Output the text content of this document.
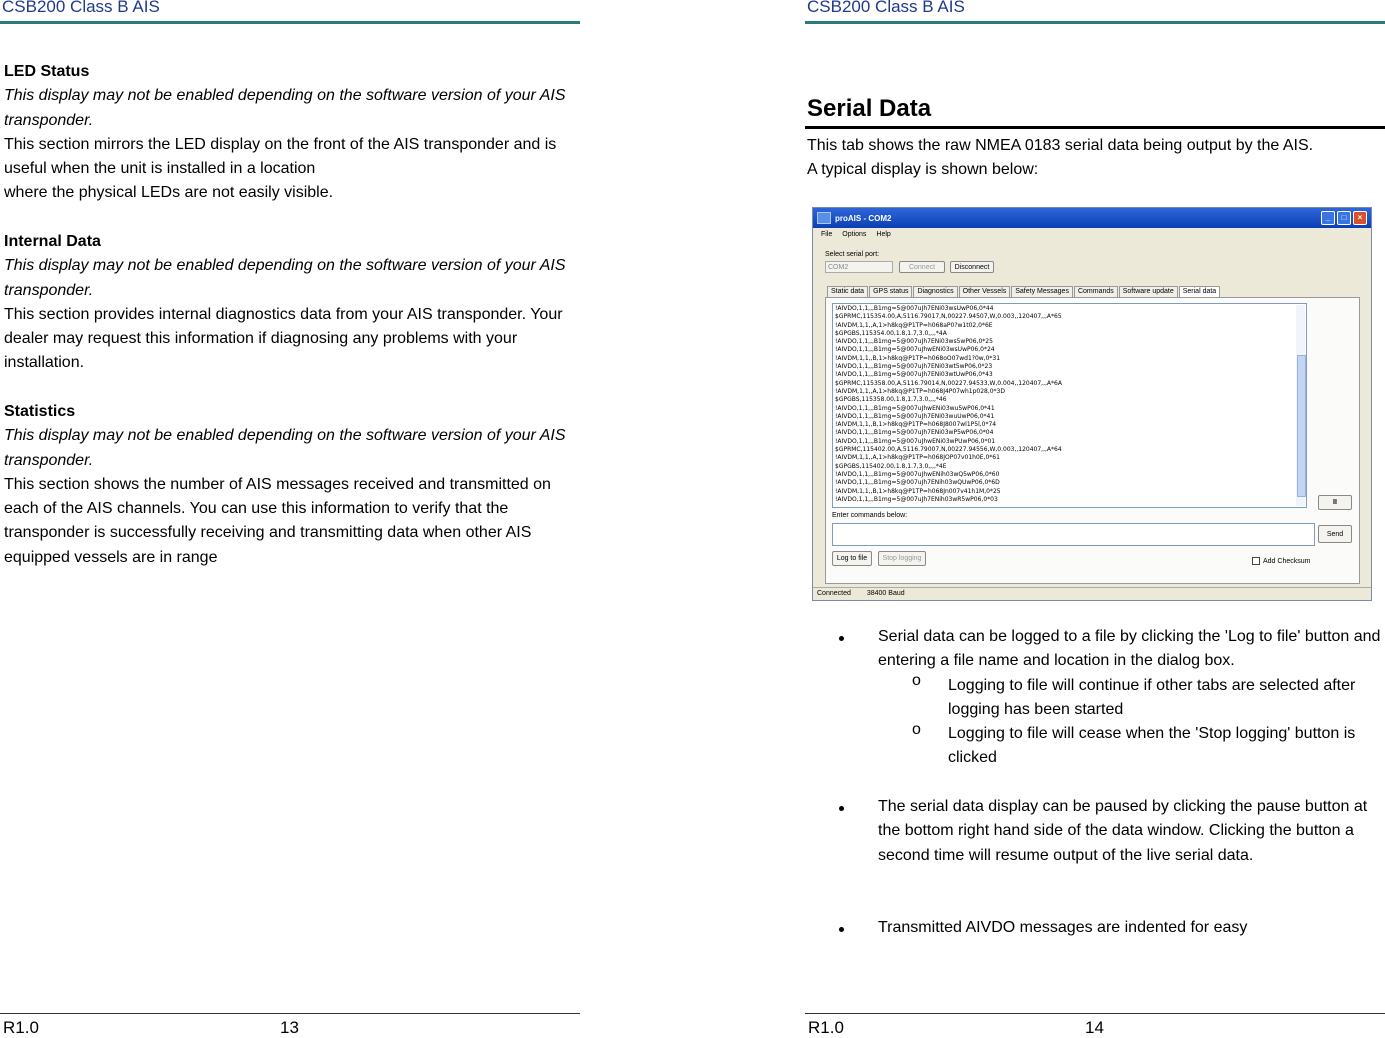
CSB200 Class B AIS

LED Status

This display may not be enabled depending on the software version of your AIS transponder.

This section mirrors the LED display on the front of the AIS transponder and is useful when the unit is installed in a location

where the physical LEDs are not easily visible.

Internal Data

This display may not be enabled depending on the software version of your AIS transponder.

This section provides internal diagnostics data from your AIS transponder. Your dealer may request this information if diagnosing any problems with your installation.

Statistics

This display may not be enabled depending on the software version of your AIS transponder.

This section shows the number of AIS messages received and transmitted on each of the AIS channels. You can use this information to verify that the transponder is successfully receiving and transmitting data when other AIS equipped vessels are in range

R1.0	13
CSB200 Class B AIS
Serial Data

This tab shows the raw NMEA 0183 serial data being output by the AIS.

A typical display is shown below:

proAIS - COM2	_	□	×
File Options Help
Select serial port:
COM2	Connect	Disconnect
Static data	GPS status	Diagnostics	Other Vessels	Safety Messages	Commands	Software update	Serial data
!AIVDO,1,1,,,B1mg=5@007uJh7ENi03wsUwP06,0*44
$GPRMC,115354.00,A,5116.79017,N,00227.94507,W,0.003,,120407,,,A*65
!AIVDM,1,1,,A,1>h8kq@P1TP=h068aP0?w1t02,0*6E
$GPGBS,115354.00,1.8,1.7,3.0,,,,*4A
!AIVDO,1,1,,,B1mg=5@007uJh7ENi03ws5wP06,0*25
!AIVDO,1,1,,,B1mg=5@007uJhwENi03wsUwP06,0*24
!AIVDM,1,1,,B,1>h8kq@P1TP=h068oO07wd1?0w,0*31
!AIVDO,1,1,,,B1mg=5@007uJh7ENi03wt5wP06,0*23
!AIVDO,1,1,,,B1mg=5@007uJh7ENi03wtUwP06,0*43
$GPRMC,115358.00,A,5116.79014,N,00227.94533,W,0.004,,120407,,,A*6A
!AIVDM,1,1,,A,1>h8kq@P1TP=h068J4P07wh1p028,0*3D
$GPGBS,115358.00,1.8,1.7,3.0,,,,*46
!AIVDO,1,1,,,B1mg=5@007uJhwENi03wu5wP06,0*41
!AIVDO,1,1,,,B1mg=5@007uJh7ENi03wuUwP06,0*41
!AIVDM,1,1,,B,1>h8kq@P1TP=h068J8007wl1P5l,0*74
!AIVDO,1,1,,,B1mg=5@007uJh7ENi03wP5wP06,0*04
!AIVDO,1,1,,,B1mg=5@007uJhwENi03wPUwP06,0*01
$GPRMC,115402.00,A,5116.79007,N,00227.94556,W,0.003,,120407,,,A*64
!AIVDM,1,1,,A,1>h8kq@P1TP=h068JOP07v01h0E,0*61
$GPGBS,115402.00,1.8,1.7,3.0,,,,*4E
!AIVDO,1,1,,,B1mg=5@007uJhwENih03wQ5wP06,0*60
!AIVDO,1,1,,,B1mg=5@007uJh7ENih03wQUwP06,0*6D
!AIVDM,1,1,,B,1>h8kq@P1TP=h068Jn007v41h1M,0*25
!AIVDO,1,1,,,B1mg=5@007uJh7ENih03wR5wP06,0*03	II
Enter commands below:
Send
Log to file	Stop logging	Add Checksum
Connected 38400 Baud
Serial data can be logged to a file by clicking the 'Log to file' button and entering a file name and location in the dialog box.
o Logging to file will continue if other tabs are selected after logging has been started
o Logging to file will cease when the 'Stop logging' button is clicked
The serial data display can be paused by clicking the pause button at the bottom right hand side of the data window. Clicking the button a second time will resume output of the live serial data.
Transmitted AIVDO messages are indented for easy
R1.0	14
